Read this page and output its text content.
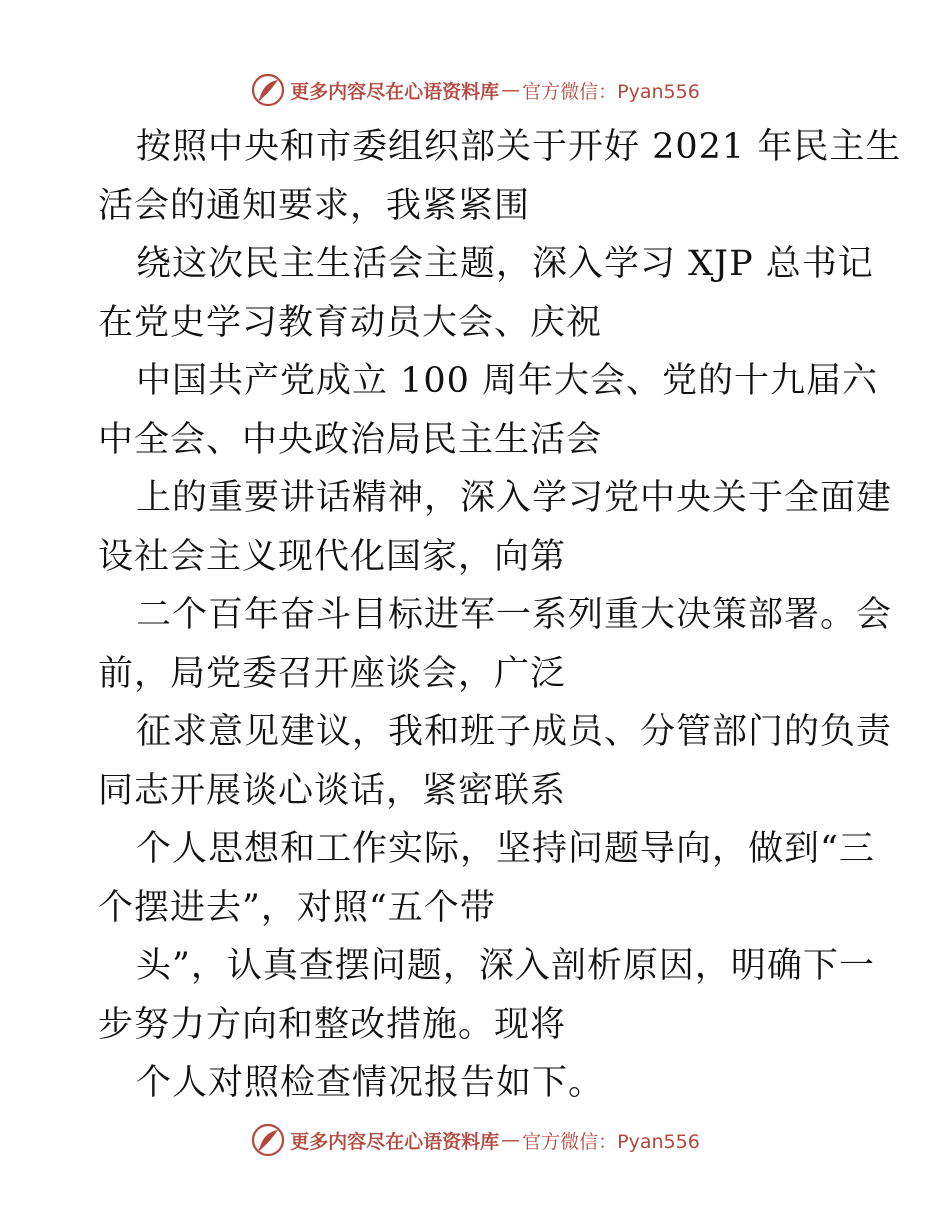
更多内容尽在心语资料库 — 官方微信：Pyan556
按照中央和市委组织部关于开好 2021 年民主生
活会的通知要求，我紧紧围
绕这次民主生活会主题，深入学习 XJP 总书记
在党史学习教育动员大会、庆祝
中国共产党成立 100 周年大会、党的十九届六
中全会、中央政治局民主生活会
上的重要讲话精神，深入学习党中央关于全面建
设社会主义现代化国家，向第
二个百年奋斗目标进军一系列重大决策部署。会
前，局党委召开座谈会，广泛
征求意见建议，我和班子成员、分管部门的负责
同志开展谈心谈话，紧密联系
个人思想和工作实际，坚持问题导向，做到“三
个摆进去”，对照“五个带
头”，认真查摆问题，深入剖析原因，明确下一
步努力方向和整改措施。现将
个人对照检查情况报告如下。
更多内容尽在心语资料库 — 官方微信：Pyan556
